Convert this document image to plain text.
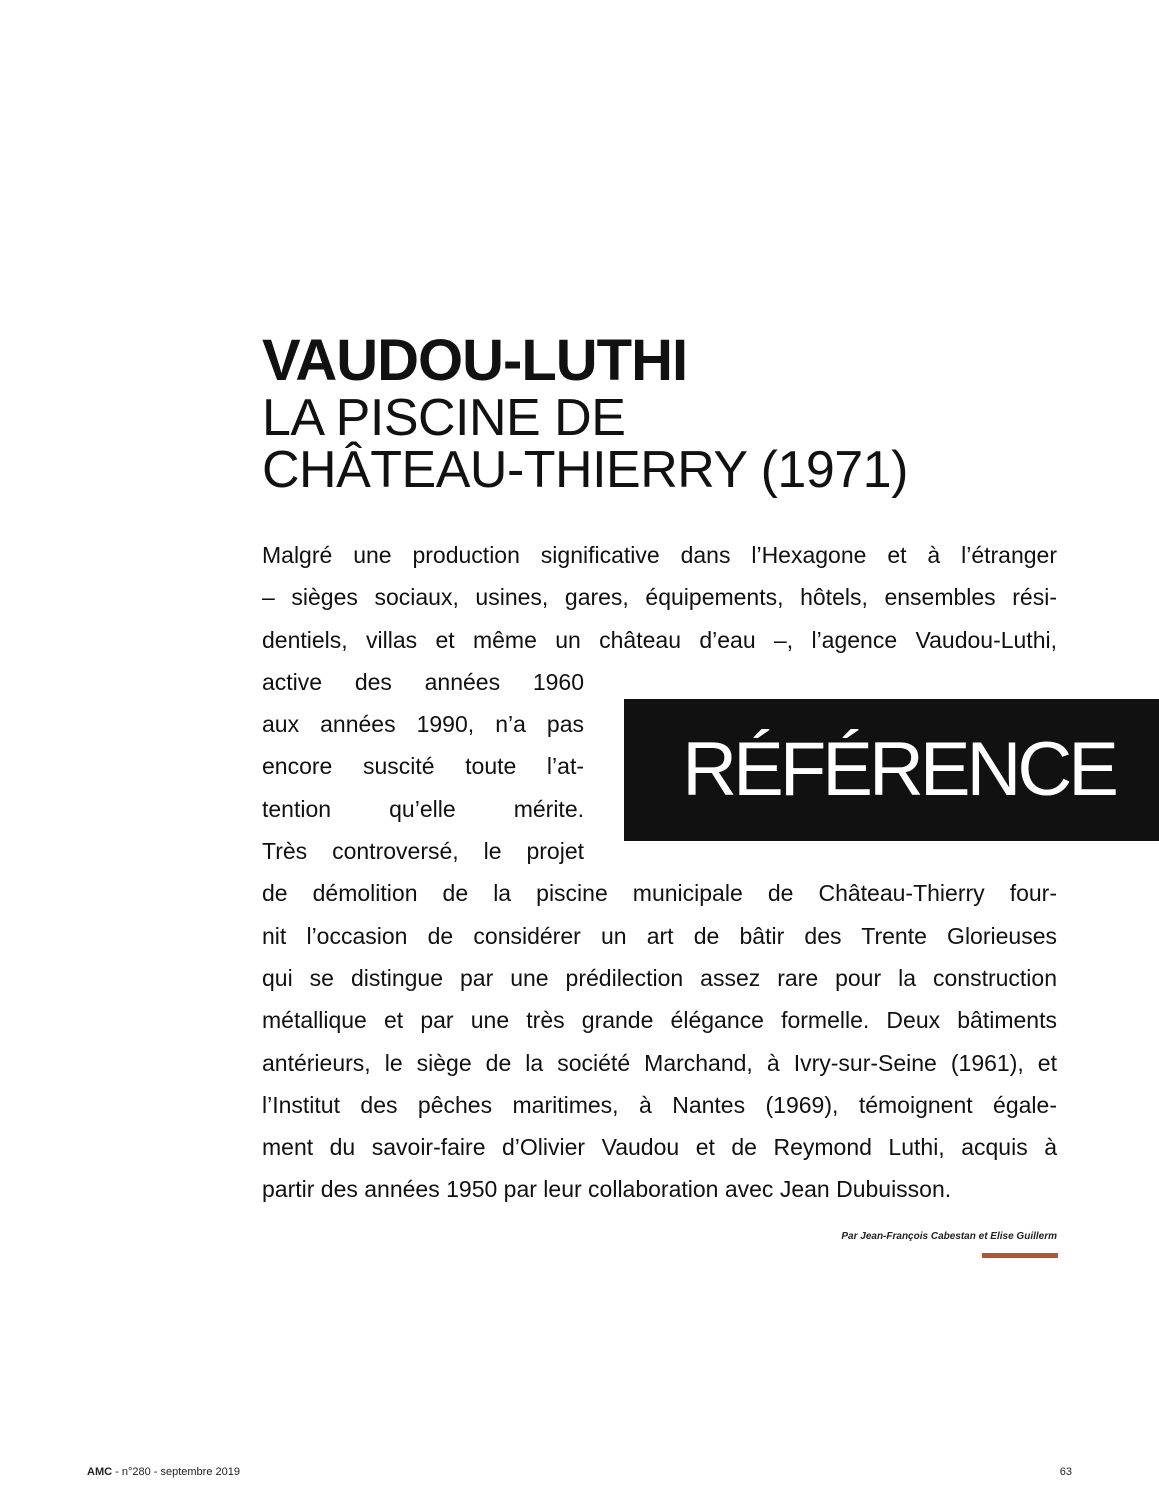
VAUDOU-LUTHI
LA PISCINE DE
CHÂTEAU-THIERRY (1971)

Malgré une production significative dans l’Hexagone et à l’étranger
– sièges sociaux, usines, gares, équipements, hôtels, ensembles rési-
dentiels, villas et même un château d’eau –, l’agence Vaudou-Luthi,
active des années 1960
aux années 1990, n’a pas
encore suscité toute l’at-
tention qu’elle mérite.
Très controversé, le projet
de démolition de la piscine municipale de Château-Thierry four-
nit l’occasion de considérer un art de bâtir des Trente Glorieuses
qui se distingue par une prédilection assez rare pour la construction
métallique et par une très grande élégance formelle. Deux bâtiments
antérieurs, le siège de la société Marchand, à Ivry-sur-Seine (1961), et
l’Institut des pêches maritimes, à Nantes (1969), témoignent égale-
ment du savoir-faire d’Olivier Vaudou et de Reymond Luthi, acquis à
partir des années 1950 par leur collaboration avec Jean Dubuisson.

RÉFÉRENCE
Par Jean-François Cabestan et Elise Guillerm
AMC - n°280 - septembre 2019	63
